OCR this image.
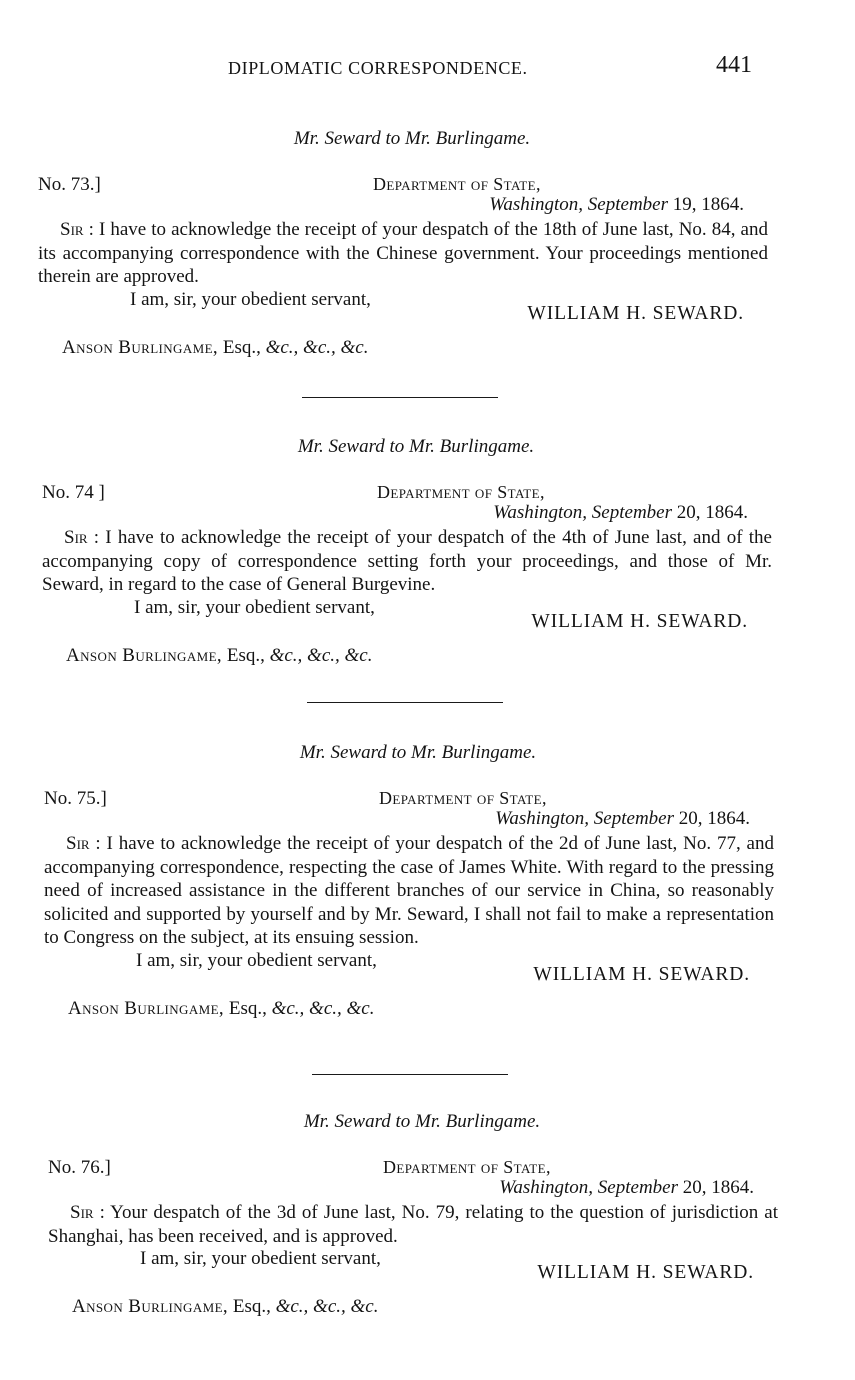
DIPLOMATIC CORRESPONDENCE.	441
Mr. Seward to Mr. Burlingame.
No. 73.]	Department of State,
Washington, September 19, 1864.

Sir : I have to acknowledge the receipt of your despatch of the 18th of June last, No. 84, and its accompanying correspondence with the Chinese government. Your proceedings mentioned therein are approved.

I am, sir, your obedient servant,
WILLIAM H. SEWARD.
Anson Burlingame, Esq., &c., &c., &c.
Mr. Seward to Mr. Burlingame.
No. 74 ]	Department of State,
Washington, September 20, 1864.

Sir : I have to acknowledge the receipt of your despatch of the 4th of June last, and of the accompanying copy of correspondence setting forth your proceedings, and those of Mr. Seward, in regard to the case of General Burgevine.

I am, sir, your obedient servant,
WILLIAM H. SEWARD.
Anson Burlingame, Esq., &c., &c., &c.
Mr. Seward to Mr. Burlingame.
No. 75.]	Department of State,
Washington, September 20, 1864.

Sir : I have to acknowledge the receipt of your despatch of the 2d of June last, No. 77, and accompanying correspondence, respecting the case of James White. With regard to the pressing need of increased assistance in the different branches of our service in China, so reasonably solicited and supported by yourself and by Mr. Seward, I shall not fail to make a representation to Congress on the subject, at its ensuing session.

I am, sir, your obedient servant,
WILLIAM H. SEWARD.
Anson Burlingame, Esq., &c., &c., &c.
Mr. Seward to Mr. Burlingame.
No. 76.]	Department of State,
Washington, September 20, 1864.

Sir : Your despatch of the 3d of June last, No. 79, relating to the question of jurisdiction at Shanghai, has been received, and is approved.

I am, sir, your obedient servant,
WILLIAM H. SEWARD.
Anson Burlingame, Esq., &c., &c., &c.
